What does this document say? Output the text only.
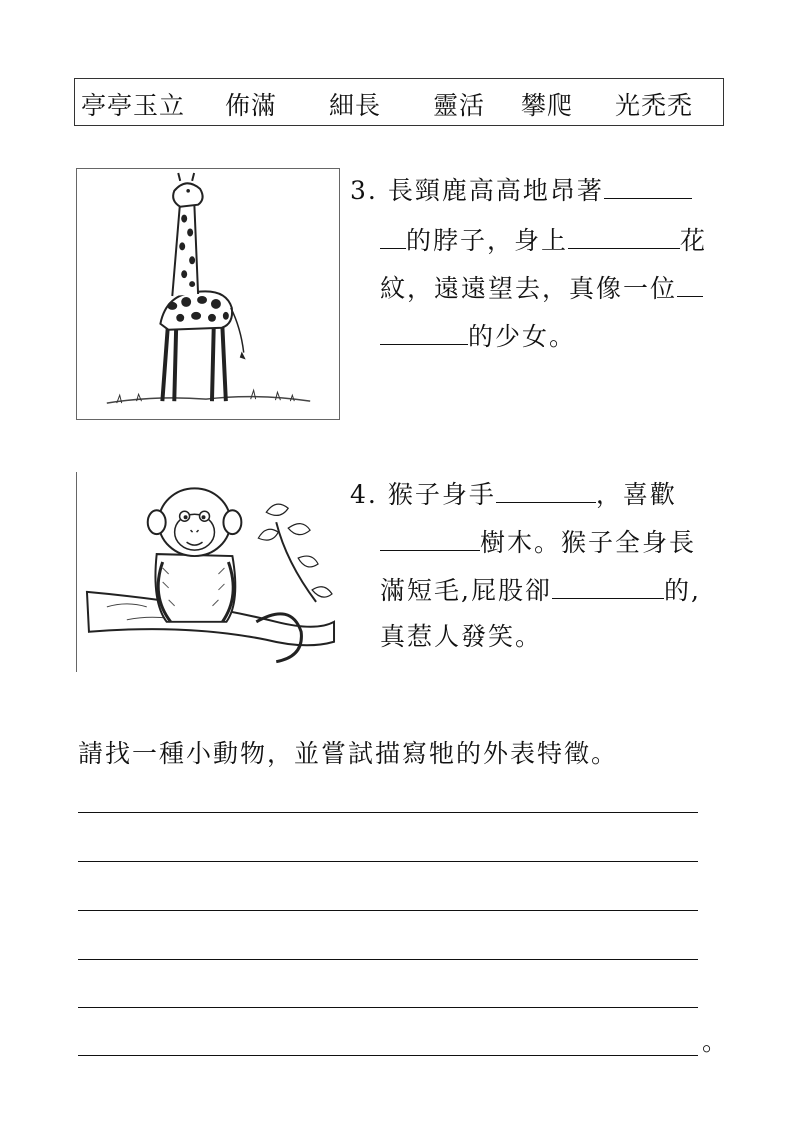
亭亭玉立 佈滿 細長 靈活 攀爬 光禿禿
3. 長頸鹿高高地昂著
的脖子，身上	花
紋，遠遠望去，真像一位
的少女。
4. 猴子身手	，喜歡
樹木。猴子全身長
滿短毛,屁股卻	的,
真惹人發笑。
請找一種小動物，並嘗試描寫牠的外表特徵。
。
